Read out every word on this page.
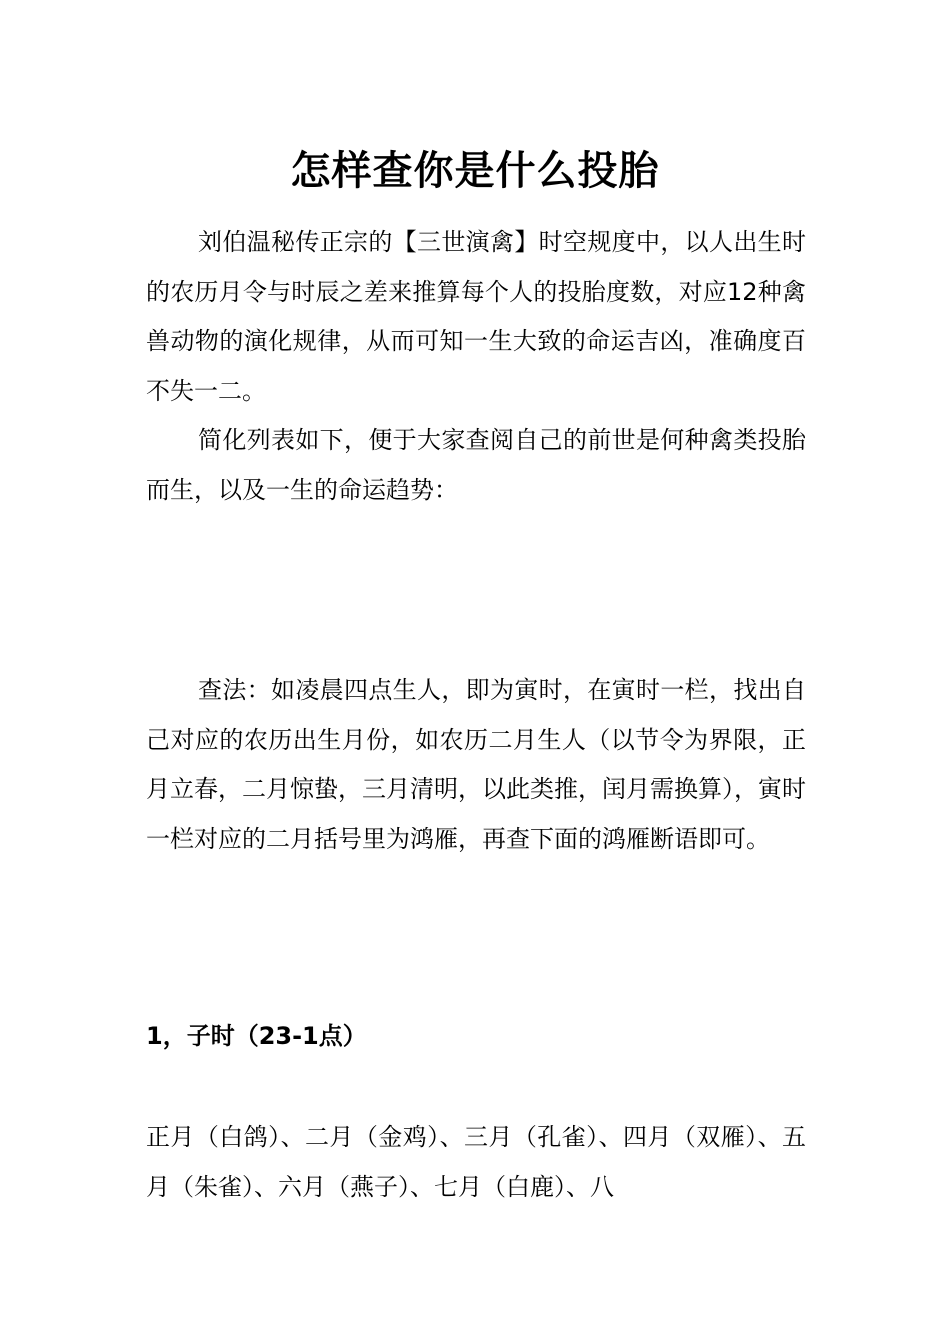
怎样查你是什么投胎

刘伯温秘传正宗的【三世演禽】时空规度中，以人出生时的农历月令与时辰之差来推算每个人的投胎度数，对应12种禽兽动物的演化规律，从而可知一生大致的命运吉凶，准确度百不失一二。

简化列表如下，便于大家查阅自己的前世是何种禽类投胎而生，以及一生的命运趋势：

查法：如凌晨四点生人，即为寅时，在寅时一栏，找出自己对应的农历出生月份，如农历二月生人（以节令为界限，正月立春，二月惊蛰，三月清明，以此类推，闰月需换算），寅时一栏对应的二月括号里为鸿雁，再查下面的鸿雁断语即可。

1，子时（23-1点）

正月（白鸽）、二月（金鸡）、三月（孔雀）、四月（双雁）、五月（朱雀）、六月（燕子）、七月（白鹿）、八
